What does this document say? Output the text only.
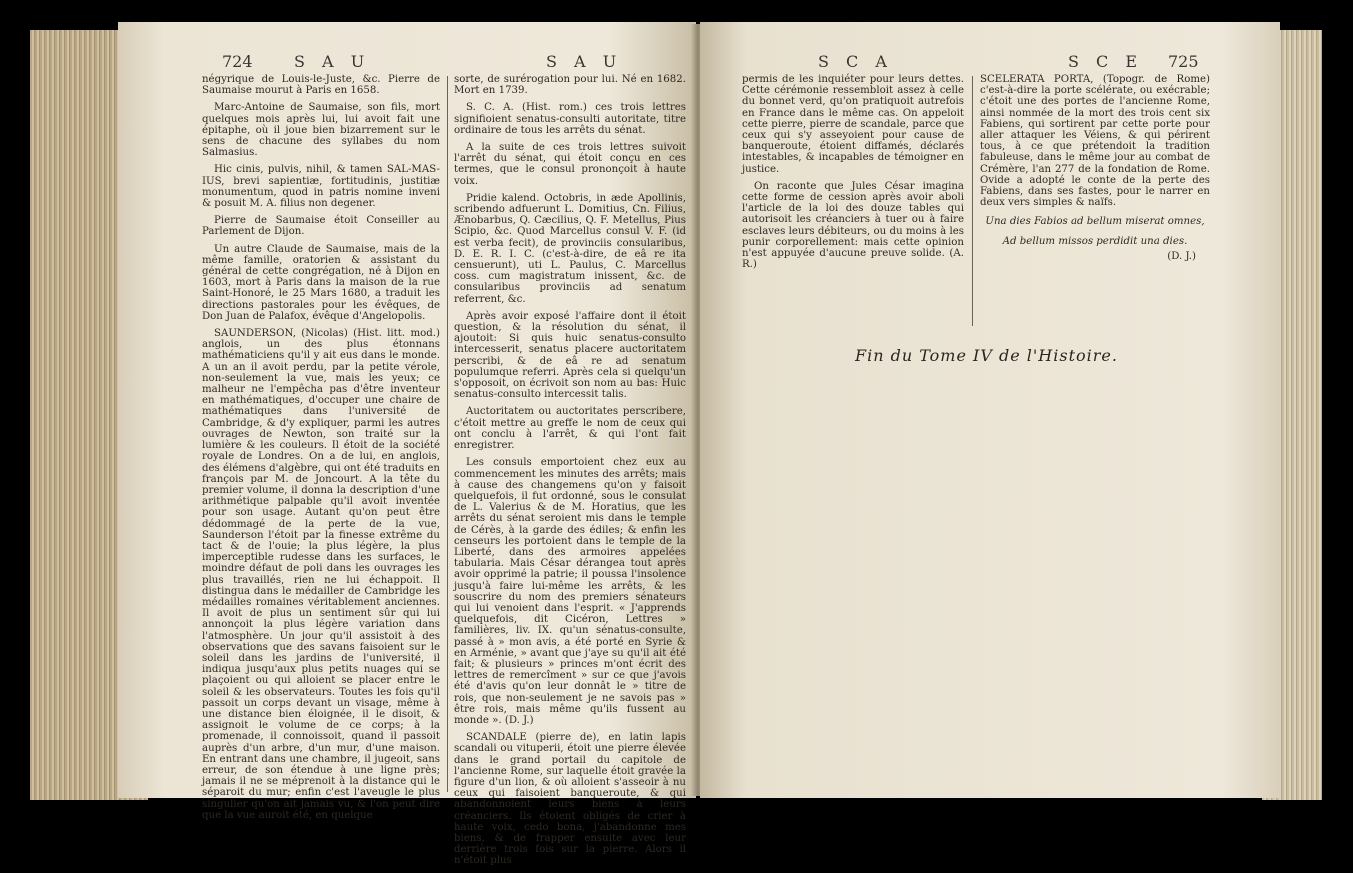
724	S A U	S A U

négyrique de Louis-le-Juste, &c. Pierre de Saumaise mourut à Paris en 1658.

Marc-Antoine de Saumaise, son fils, mort quelques mois après lui, lui avoit fait une épitaphe, où il joue bien bizarrement sur le sens de chacune des syllabes du nom Salmasius.

Hic cinis, pulvis, nihil, & tamen SAL-MAS-IUS, brevi sapientiæ, fortitudinis, justitiæ monumentum, quod in patris nomine inveni & posuit M. A. filius non degener.

Pierre de Saumaise étoit Conseiller au Parlement de Dijon.

Un autre Claude de Saumaise, mais de la même famille, oratorien & assistant du général de cette congrégation, né à Dijon en 1603, mort à Paris dans la maison de la rue Saint-Honoré, le 25 Mars 1680, a traduit les directions pastorales pour les évêques, de Don Juan de Palafox, évêque d'Angelopolis.

SAUNDERSON, (Nicolas) (Hist. litt. mod.) anglois, un des plus étonnans mathématiciens qu'il y ait eus dans le monde. A un an il avoit perdu, par la petite vérole, non-seulement la vue, mais les yeux; ce malheur ne l'empêcha pas d'être inventeur en mathématiques, d'occuper une chaire de mathématiques dans l'université de Cambridge, & d'y expliquer, parmi les autres ouvrages de Newton, son traité sur la lumière & les couleurs. Il étoit de la société royale de Londres. On a de lui, en anglois, des élémens d'algèbre, qui ont été traduits en françois par M. de Joncourt. A la tête du premier volume, il donna la description d'une arithmétique palpable qu'il avoit inventée pour son usage. Autant qu'on peut être dédommagé de la perte de la vue, Saunderson l'étoit par la finesse extrême du tact & de l'ouie; la plus légère, la plus imperceptible rudesse dans les surfaces, le moindre défaut de poli dans les ouvrages les plus travaillés, rien ne lui échappoit. Il distingua dans le médailler de Cambridge les médailles romaines véritablement anciennes. Il avoit de plus un sentiment sûr qui lui annonçoit la plus légère variation dans l'atmosphère. Un jour qu'il assistoit à des observations que des savans faisoient sur le soleil dans les jardins de l'université, il indiqua jusqu'aux plus petits nuages qui se plaçoient ou qui alloient se placer entre le soleil & les observateurs. Toutes les fois qu'il passoit un corps devant un visage, même à une distance bien éloignée, il le disoit, & assignoit le volume de ce corps; à la promenade, il connoissoit, quand il passoit auprès d'un arbre, d'un mur, d'une maison. En entrant dans une chambre, il jugeoit, sans erreur, de son étendue à une ligne près; jamais il ne se méprenoit à la distance qui le séparoit du mur; enfin c'est l'aveugle le plus singulier qu'on ait jamais vu, & l'on peut dire que la vue auroit été, en quelque

sorte, de surérogation pour lui. Né en 1682. Mort en 1739.

S. C. A. (Hist. rom.) ces trois lettres signifioient senatus-consulti autoritate, titre ordinaire de tous les arrêts du sénat.

A la suite de ces trois lettres suivoit l'arrêt du sénat, qui étoit conçu en ces termes, que le consul prononçoit à haute voix.

Pridie kalend. Octobris, in æde Apollinis, scribendo adfuerunt L. Domitius, Cn. Filius, Ænobarbus, Q. Cæcilius, Q. F. Metellus, Pius Scipio, &c. Quod Marcellus consul V. F. (id est verba fecit), de provinciis consularibus, D. E. R. I. C. (c'est-à-dire, de eâ re ita censuerunt), uti L. Paulus, C. Marcellus coss. cum magistratum inissent, &c. de consularibus provinciis ad senatum referrent, &c.

Après avoir exposé l'affaire dont il étoit question, & la résolution du sénat, il ajoutoit: Si quis huic senatus-consulto intercesserit, senatus placere auctoritatem perscribi, & de eâ re ad senatum populumque referri. Après cela si quelqu'un s'opposoit, on écrivoit son nom au bas: Huic senatus-consulto intercessit talis.

Auctoritatem ou auctoritates perscribere, c'étoit mettre au greffe le nom de ceux qui ont conclu à l'arrêt, & qui l'ont fait enregistrer.

Les consuls emportoient chez eux au commencement les minutes des arrêts; mais à cause des changemens qu'on y faisoit quelquefois, il fut ordonné, sous le consulat de L. Valerius & de M. Horatius, que les arrêts du sénat seroient mis dans le temple de Cérès, à la garde des édiles; & enfin les censeurs les portoient dans le temple de la Liberté, dans des armoires appelées tabularia. Mais César dérangea tout après avoir opprimé la patrie; il poussa l'insolence jusqu'à faire lui-même les arrêts, & les souscrire du nom des premiers sénateurs qui lui venoient dans l'esprit. « J'apprends quelquefois, dit Cicéron, Lettres » familières, liv. IX. qu'un sénatus-consulte, passé à » mon avis, a été porté en Syrie & en Arménie, » avant que j'aye su qu'il ait été fait; & plusieurs » princes m'ont écrit des lettres de remercîment » sur ce que j'avois été d'avis qu'on leur donnât le » titre de rois, que non-seulement je ne savois pas » être rois, mais même qu'ils fussent au monde ». (D. J.)

SCANDALE (pierre de), en latin lapis scandali ou vituperii, étoit une pierre élevée dans le grand portail du capitole de l'ancienne Rome, sur laquelle étoit gravée la figure d'un lion, & où alloient s'asseoir à nu ceux qui faisoient banqueroute, & qui abandonnoient leurs biens à leurs créanciers. Ils étoient obligés de crier à haute voix, cedo bona, j'abandonne mes biens, & de frapper ensuite avec leur derrière trois fois sur la pierre. Alors il n'étoit plus

S C A	S C E 725

permis de les inquiéter pour leurs dettes. Cette cérémonie ressembloit assez à celle du bonnet verd, qu'on pratiquoit autrefois en France dans le même cas. On appeloit cette pierre, pierre de scandale, parce que ceux qui s'y asseyoient pour cause de banqueroute, étoient diffamés, déclarés intestables, & incapables de témoigner en justice.

On raconte que Jules César imagina cette forme de cession après avoir aboli l'article de la loi des douze tables qui autorisoit les créanciers à tuer ou à faire esclaves leurs débiteurs, ou du moins à les punir corporellement: mais cette opinion n'est appuyée d'aucune preuve solide. (A. R.)

SCELERATA PORTA, (Topogr. de Rome) c'est-à-dire la porte scélérate, ou exécrable; c'étoit une des portes de l'ancienne Rome, ainsi nommée de la mort des trois cent six Fabiens, qui sortirent par cette porte pour aller attaquer les Véiens, & qui périrent tous, à ce que prétendoit la tradition fabuleuse, dans le même jour au combat de Crémère, l'an 277 de la fondation de Rome. Ovide a adopté le conte de la perte des Fabiens, dans ses fastes, pour le narrer en deux vers simples & naïfs.

Una dies Fabios ad bellum miserat omnes,
Ad bellum missos perdidit una dies.
(D. J.)
Fin du Tome IV de l'Histoire.
